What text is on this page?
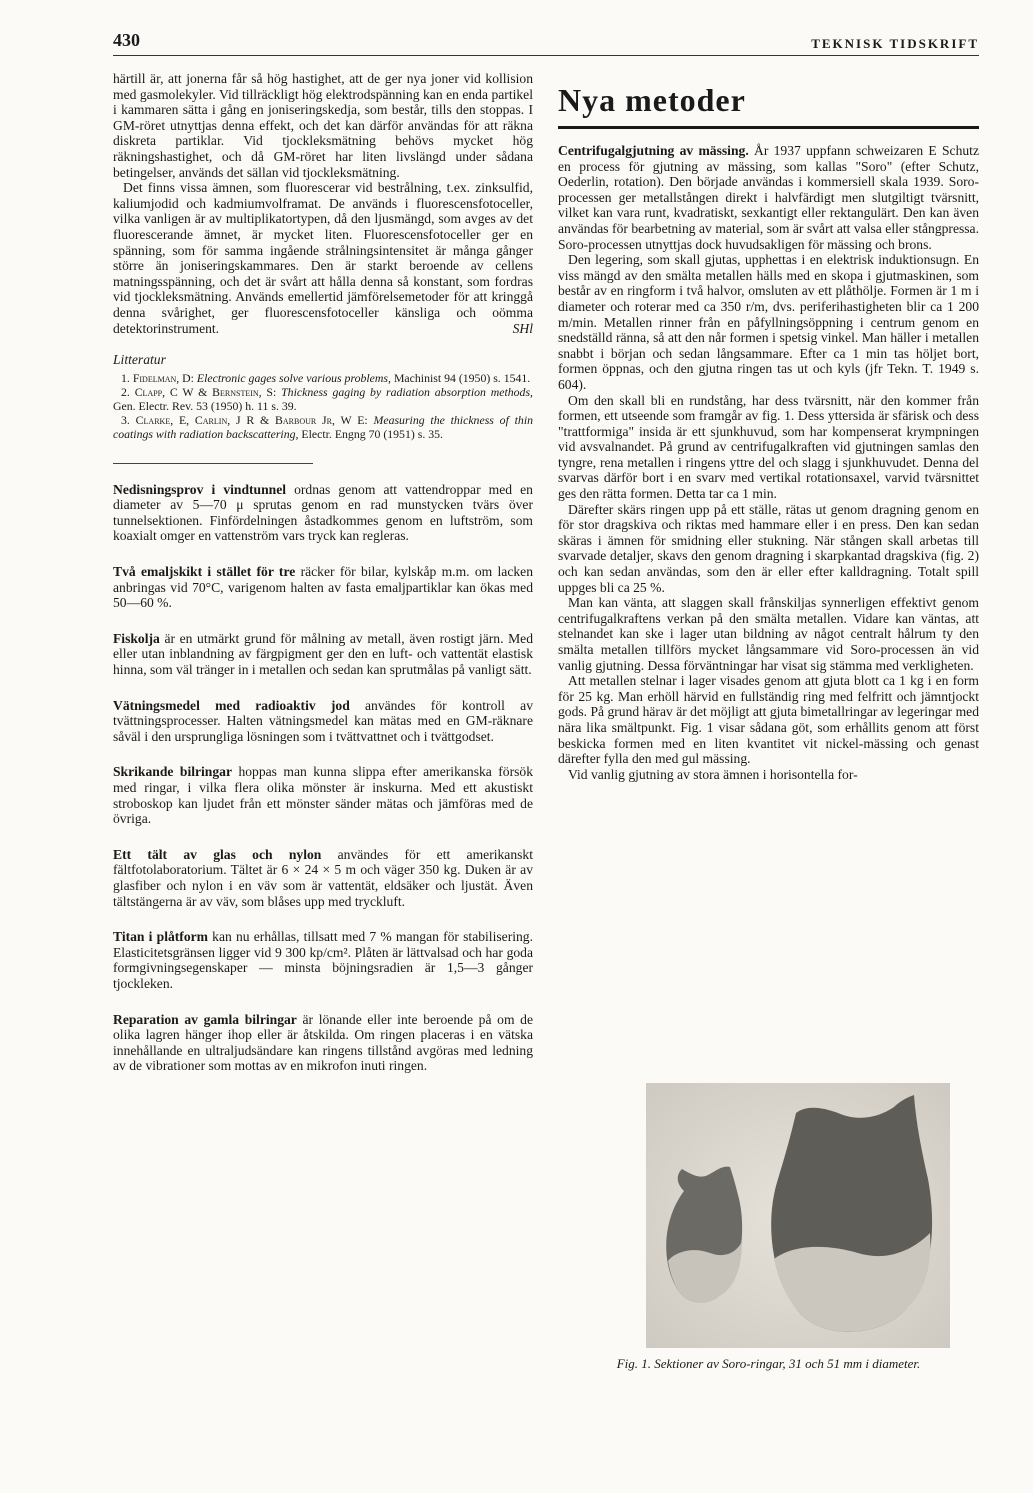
430	TEKNISK TIDSKRIFT

härtill är, att jonerna får så hög hastighet, att de ger nya joner vid kollision med gasmolekyler. Vid tillräckligt hög elektrodspänning kan en enda partikel i kammaren sätta i gång en joniseringskedja, som består, tills den stoppas. I GM-röret utnyttjas denna effekt, och det kan därför användas för att räkna diskreta partiklar. Vid tjockleksmätning behövs mycket hög räkningshastighet, och då GM-röret har liten livslängd under sådana betingelser, används det sällan vid tjockleksmätning.

Det finns vissa ämnen, som fluorescerar vid bestrålning, t.ex. zinksulfid, kaliumjodid och kadmiumvolframat. De används i fluorescensfotoceller, vilka vanligen är av multiplikatortypen, då den ljusmängd, som avges av det fluorescerande ämnet, är mycket liten. Fluorescensfotoceller ger en spänning, som för samma ingående strålningsintensitet är många gånger större än joniseringskammares. Den är starkt beroende av cellens matningsspänning, och det är svårt att hålla denna så konstant, som fordras vid tjockleksmätning. Används emellertid jämförelsemetoder för att kringgå denna svårighet, ger fluorescensfotoceller känsliga och oömma detektorinstrument.	SHl

Litteratur

1. Fidelman, D: Electronic gages solve various problems, Machinist 94 (1950) s. 1541.

2. Clapp, C W & Bernstein, S: Thickness gaging by radiation absorption methods, Gen. Electr. Rev. 53 (1950) h. 11 s. 39.

3. Clarke, E, Carlin, J R & Barbour Jr, W E: Measuring the thickness of thin coatings with radiation backscattering, Electr. Engng 70 (1951) s. 35.

Nedisningsprov i vindtunnel ordnas genom att vattendroppar med en diameter av 5—70 μ sprutas genom en rad munstycken tvärs över tunnelsektionen. Finfördelningen åstadkommes genom en luftström, som koaxialt omger en vattenström vars tryck kan regleras.

Två emaljskikt i stället för tre räcker för bilar, kylskåp m.m. om lacken anbringas vid 70°C, varigenom halten av fasta emaljpartiklar kan ökas med 50—60 %.

Fiskolja är en utmärkt grund för målning av metall, även rostigt järn. Med eller utan inblandning av färgpigment ger den en luft- och vattentät elastisk hinna, som väl tränger in i metallen och sedan kan sprutmålas på vanligt sätt.

Vätningsmedel med radioaktiv jod användes för kontroll av tvättningsprocesser. Halten vätningsmedel kan mätas med en GM-räknare såväl i den ursprungliga lösningen som i tvättvattnet och i tvättgodset.

Skrikande bilringar hoppas man kunna slippa efter amerikanska försök med ringar, i vilka flera olika mönster är inskurna. Med ett akustiskt stroboskop kan ljudet från ett mönster sänder mätas och jämföras med de övriga.

Ett tält av glas och nylon användes för ett amerikanskt fältfotolaboratorium. Tältet är 6 × 24 × 5 m och väger 350 kg. Duken är av glasfiber och nylon i en väv som är vattentät, eldsäker och ljustät. Även tältstängerna är av väv, som blåses upp med tryckluft.

Titan i plåtform kan nu erhållas, tillsatt med 7 % mangan för stabilisering. Elasticitetsgränsen ligger vid 9 300 kp/cm². Plåten är lättvalsad och har goda formgivningsegenskaper — minsta böjningsradien är 1,5—3 gånger tjockleken.

Reparation av gamla bilringar är lönande eller inte beroende på om de olika lagren hänger ihop eller är åtskilda. Om ringen placeras i en vätska innehållande en ultraljudsändare kan ringens tillstånd avgöras med ledning av de vibrationer som mottas av en mikrofon inuti ringen.

Nya metoder

Centrifugalgjutning av mässing. År 1937 uppfann schweizaren E Schutz en process för gjutning av mässing, som kallas "Soro" (efter Schutz, Oederlin, rotation). Den började användas i kommersiell skala 1939. Soro-processen ger metallstången direkt i halvfärdigt men slutgiltigt tvärsnitt, vilket kan vara runt, kvadratiskt, sexkantigt eller rektangulärt. Den kan även användas för bearbetning av material, som är svårt att valsa eller stångpressa. Soro-processen utnyttjas dock huvudsakligen för mässing och brons.

Den legering, som skall gjutas, upphettas i en elektrisk induktionsugn. En viss mängd av den smälta metallen hälls med en skopa i gjutmaskinen, som består av en ringform i två halvor, omsluten av ett plåthölje. Formen är 1 m i diameter och roterar med ca 350 r/m, dvs. periferihastigheten blir ca 1 200 m/min. Metallen rinner från en påfyllningsöppning i centrum genom en snedställd ränna, så att den når formen i spetsig vinkel. Man häller i metallen snabbt i början och sedan långsammare. Efter ca 1 min tas höljet bort, formen öppnas, och den gjutna ringen tas ut och kyls (jfr Tekn. T. 1949 s. 604).

Om den skall bli en rundstång, har dess tvärsnitt, när den kommer från formen, ett utseende som framgår av fig. 1. Dess yttersida är sfärisk och dess "trattformiga" insida är ett sjunkhuvud, som har kompenserat krympningen vid avsvalnandet. På grund av centrifugalkraften vid gjutningen samlas den tyngre, rena metallen i ringens yttre del och slagg i sjunkhuvudet. Denna del svarvas därför bort i en svarv med vertikal rotationsaxel, varvid tvärsnittet ges den rätta formen. Detta tar ca 1 min.

Därefter skärs ringen upp på ett ställe, rätas ut genom dragning genom en för stor dragskiva och riktas med hammare eller i en press. Den kan sedan skäras i ämnen för smidning eller stukning. När stången skall arbetas till svarvade detaljer, skavs den genom dragning i skarpkantad dragskiva (fig. 2) och kan sedan användas, som den är eller efter kalldragning. Totalt spill uppges bli ca 25 %.

Man kan vänta, att slaggen skall frånskiljas synnerligen effektivt genom centrifugalkraftens verkan på den smälta metallen. Vidare kan väntas, att stelnandet kan ske i lager utan bildning av något centralt hålrum ty den smälta metallen tillförs mycket långsammare vid Soro-processen än vid vanlig gjutning. Dessa förväntningar har visat sig stämma med verkligheten.

Att metallen stelnar i lager visades genom att gjuta blott ca 1 kg i en form för 25 kg. Man erhöll härvid en fullständig ring med felfritt och jämntjockt gods. På grund härav är det möjligt att gjuta bimetallringar av legeringar med nära lika smältpunkt. Fig. 1 visar sådana göt, som erhållits genom att först beskicka formen med en liten kvantitet vit nickel-mässing och genast därefter fylla den med gul mässing.

Vid vanlig gjutning av stora ämnen i horisontella for-

Fig. 1. Sektioner av Soro-ringar, 31 och 51 mm i diameter.
